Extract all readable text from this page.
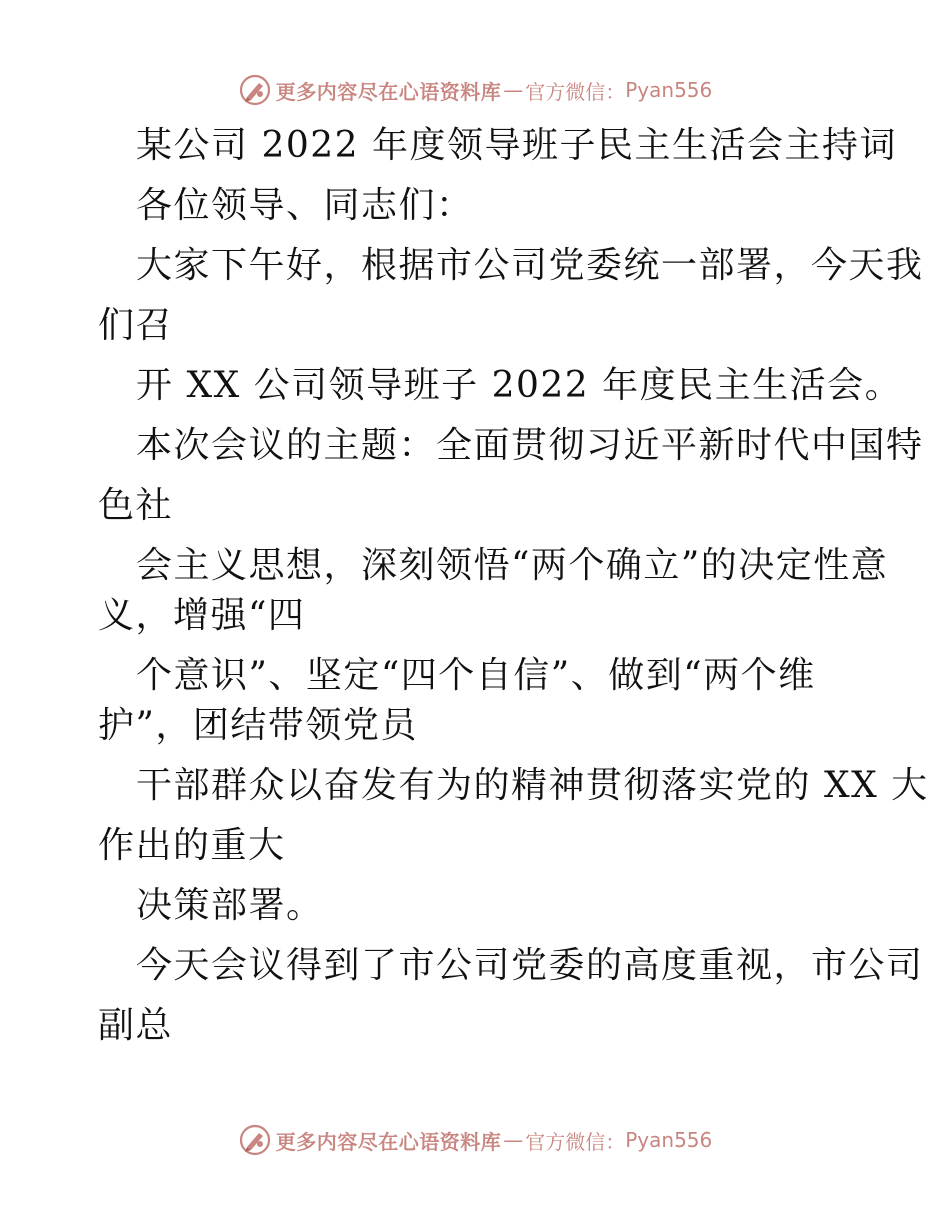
更多内容尽在心语资料库 — 官方微信： Pyan556
某公司 2022 年度领导班子民主生活会主持词
各位领导、同志们：
大家下午好，根据市公司党委统一部署，今天我
们召
开 XX 公司领导班子 2022 年度民主生活会。
本次会议的主题：全面贯彻习近平新时代中国特
色社
会主义思想，深刻领悟“两个确立”的决定性意
义，增强“四
个意识”、坚定“四个自信”、做到“两个维
护”，团结带领党员
干部群众以奋发有为的精神贯彻落实党的 XX 大
作出的重大
决策部署。
今天会议得到了市公司党委的高度重视，市公司
副总
更多内容尽在心语资料库 — 官方微信： Pyan556
